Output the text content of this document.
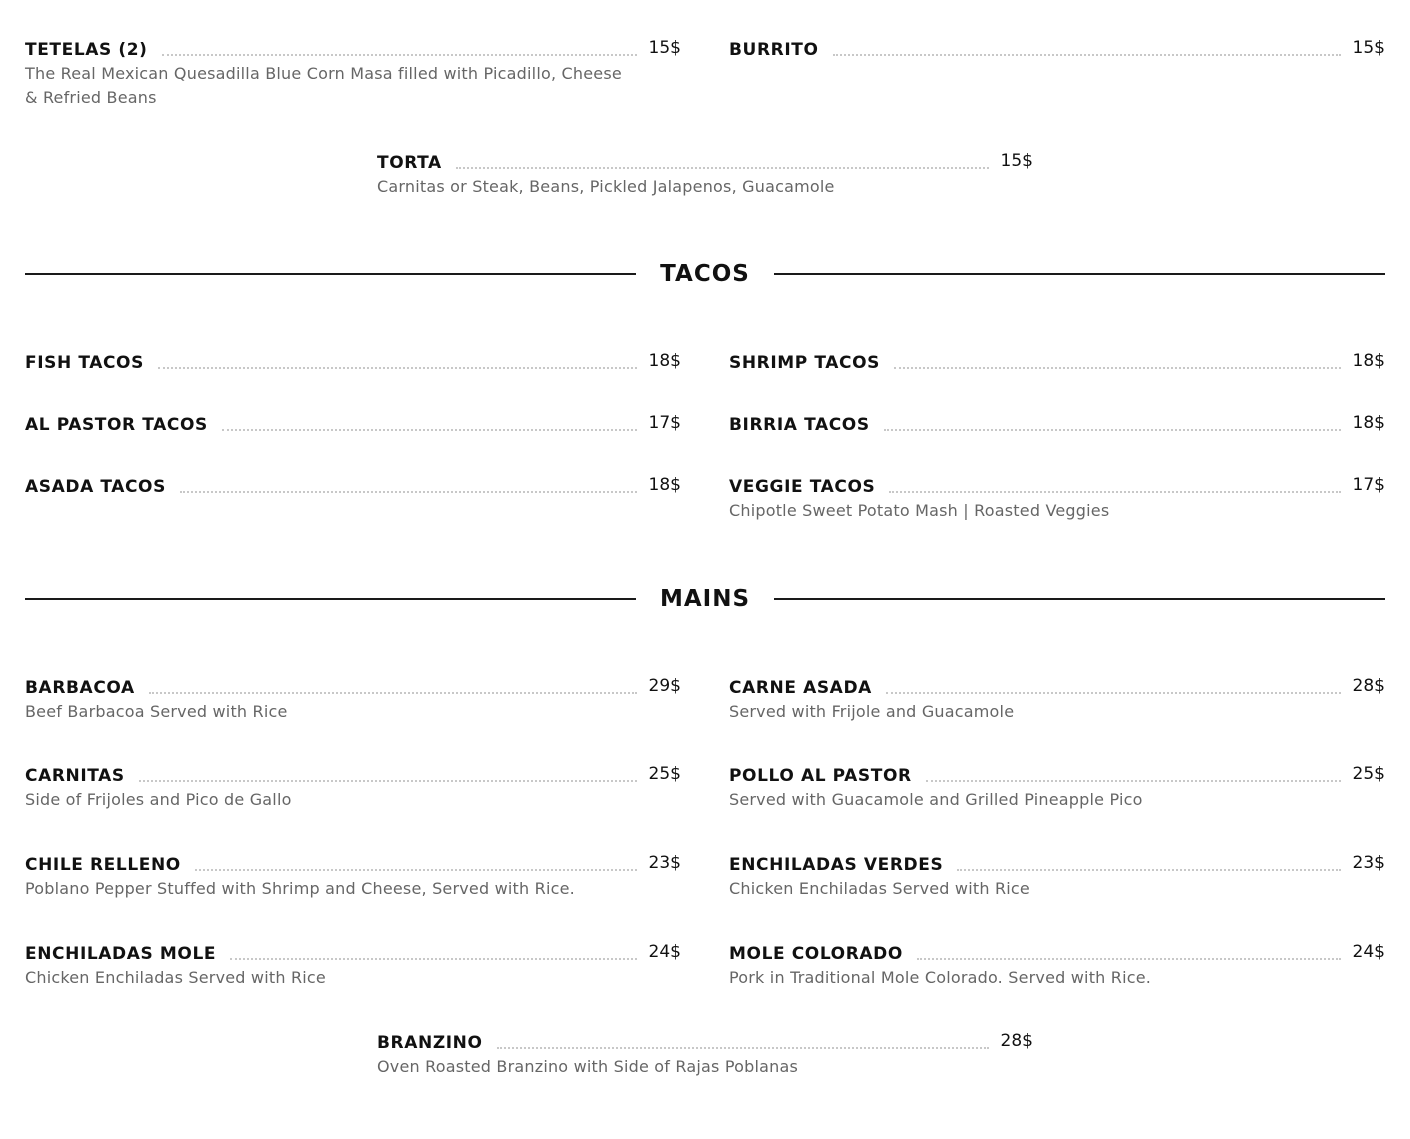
TETELAS (2)	15$
The Real Mexican Quesadilla Blue Corn Masa filled with Picadillo, Cheese & Refried Beans
BURRITO	15$
TORTA	15$
Carnitas or Steak, Beans, Pickled Jalapenos, Guacamole
TACOS
FISH TACOS	18$	SHRIMP TACOS	18$
AL PASTOR TACOS	17$	BIRRIA TACOS	18$
ASADA TACOS	18$	VEGGIE TACOS	17$
Chipotle Sweet Potato Mash | Roasted Veggies
MAINS
BARBACOA	29$
Beef Barbacoa Served with Rice
CARNE ASADA	28$
Served with Frijole and Guacamole
CARNITAS	25$
Side of Frijoles and Pico de Gallo
POLLO AL PASTOR	25$
Served with Guacamole and Grilled Pineapple Pico
CHILE RELLENO	23$
Poblano Pepper Stuffed with Shrimp and Cheese, Served with Rice.
ENCHILADAS VERDES	23$
Chicken Enchiladas Served with Rice
ENCHILADAS MOLE	24$
Chicken Enchiladas Served with Rice
MOLE COLORADO	24$
Pork in Traditional Mole Colorado. Served with Rice.
BRANZINO	28$
Oven Roasted Branzino with Side of Rajas Poblanas
